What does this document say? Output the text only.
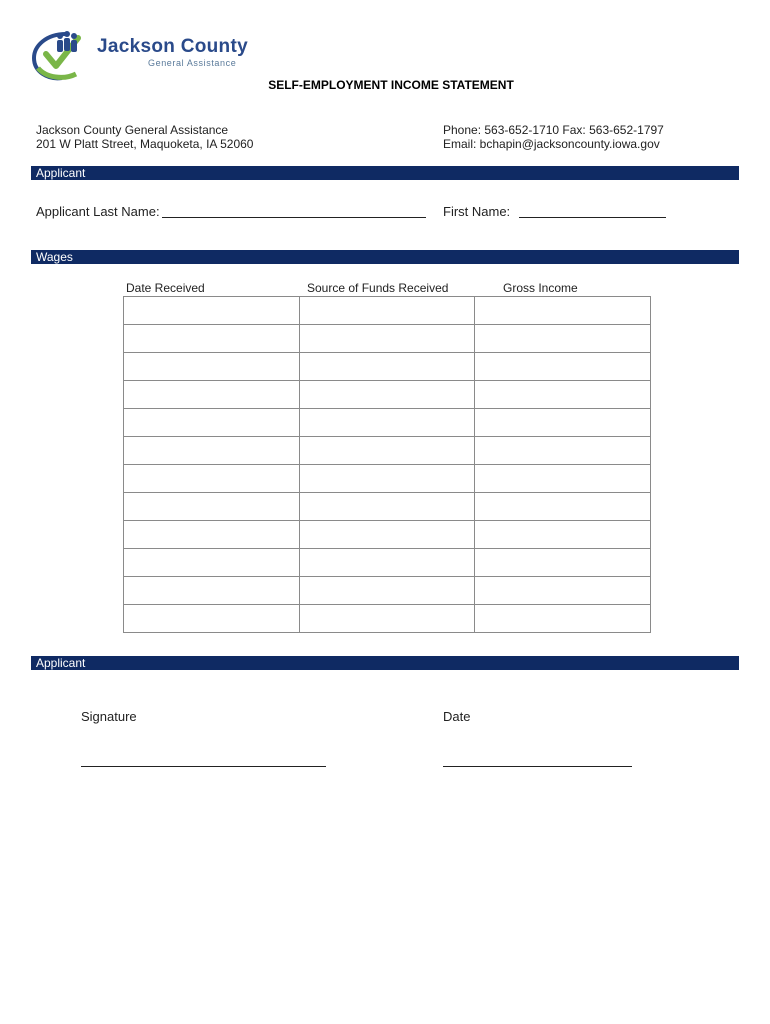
Jackson County
General Assistance
SELF-EMPLOYMENT INCOME STATEMENT
Jackson County General Assistance
201 W Platt Street, Maquoketa, IA 52060
Phone: 563-652-1710 Fax: 563-652-1797
Email: bchapin@jacksoncounty.iowa.gov
Applicant
Applicant Last Name:	First Name:
Wages
Date Received	Source of Funds Received	Gross Income

Applicant
Signature	Date
